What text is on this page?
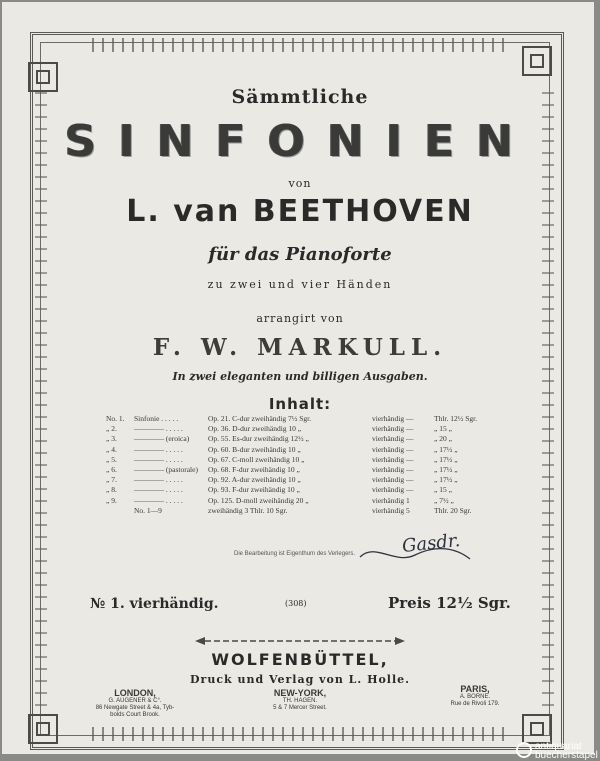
Sämmtliche
SINFONIEN
von
L. van BEETHOVEN
für das Pianoforte
zu zwei und vier Händen
arrangirt von
F. W. MARKULL.
In zwei eleganten und billigen Ausgaben.
Inhalt:
No. 1.	Sinfonie . . . . .	Op. 21. C-dur zweihändig 7½ Sgr.	vierhändig —	Thlr. 12½ Sgr.
„ 2.	———— . . . . .	Op. 36. D-dur zweihändig 10 „	vierhändig —	„ 15 „
„ 3.	———— (eroica)	Op. 55. Es-dur zweihändig 12½ „	vierhändig —	„ 20 „
„ 4.	———— . . . . .	Op. 60. B-dur zweihändig 10 „	vierhändig —	„ 17½ „
„ 5.	———— . . . . .	Op. 67. C-moll zweihändig 10 „	vierhändig —	„ 17½ „
„ 6.	———— (pastorale)	Op. 68. F-dur zweihändig 10 „	vierhändig —	„ 17½ „
„ 7.	———— . . . . .	Op. 92. A-dur zweihändig 10 „	vierhändig —	„ 17½ „
„ 8.	———— . . . . .	Op. 93. F-dur zweihändig 10 „	vierhändig —	„ 15 „
„ 9.	———— . . . . .	Op. 125. D-moll zweihändig 20 „	vierhändig 1	„ 7½ „
No. 1—9	zweihändig 3 Thlr. 10 Sgr.	vierhändig 5	Thlr. 20 Sgr.
Die Bearbeitung ist Eigenthum des Verlegers.	Gasdr.
№ 1. vierhändig.	(308)	Preis 12½ Sgr.
WOLFENBÜTTEL,
Druck und Verlag von L. Holle.
LONDON,
G. AUGENER & C°.
86 Newgate Street & 4a, Tyb-
bolds Court Brook.
NEW-YORK,
TH. HAGEN.
5 & 7 Mercer Street.
PARIS,
A. BORNE.
Rue de Rivoli 179.
antiquariat
buecherstapel
